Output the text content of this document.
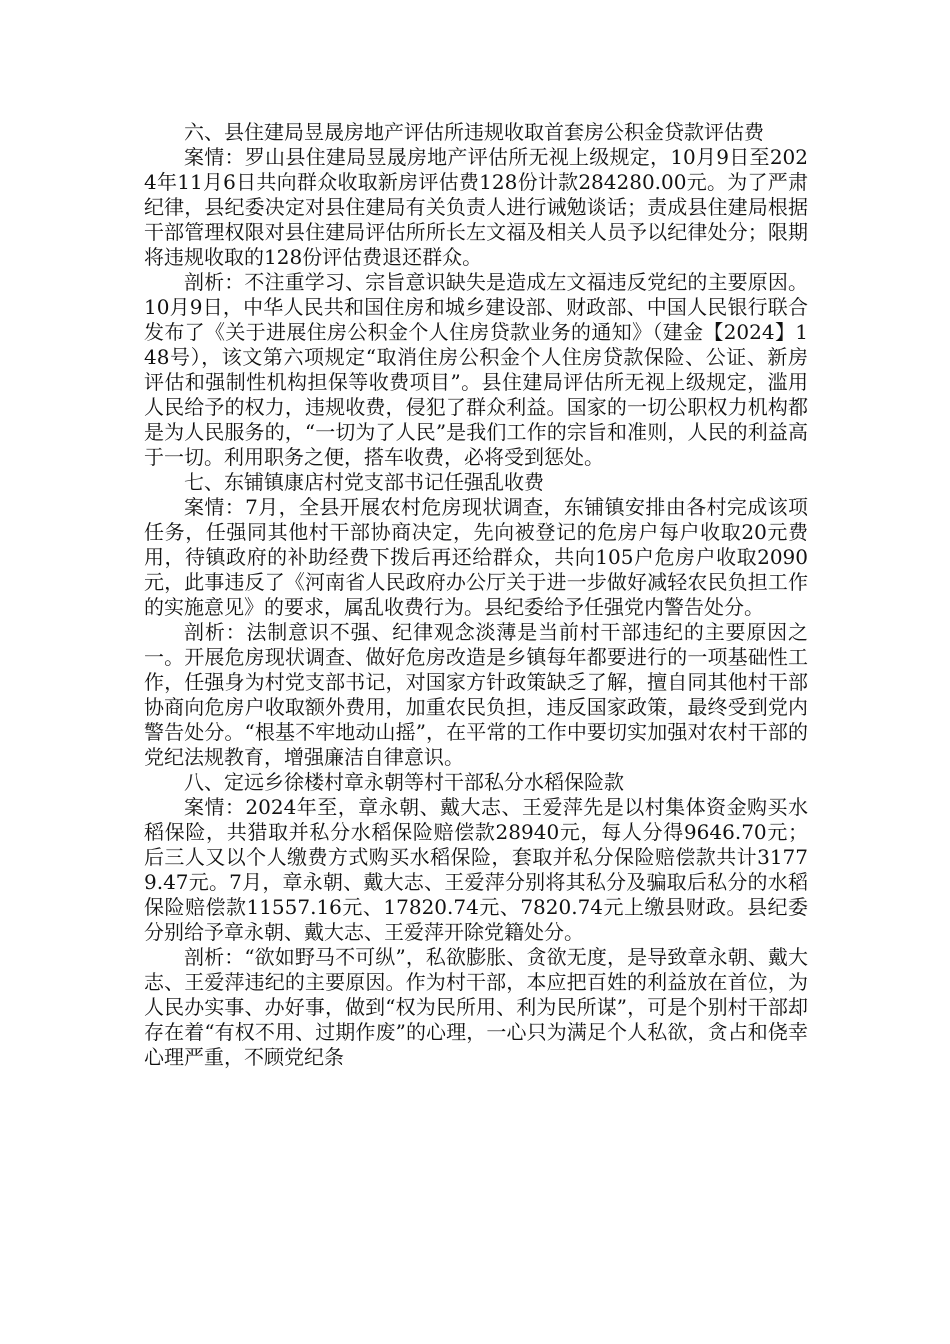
六、县住建局昱晟房地产评估所违规收取首套房公积金贷款评估费

案情：罗山县住建局昱晟房地产评估所无视上级规定，10月9日至2024年11月6日共向群众收取新房评估费128份计款284280.00元。为了严肃纪律，县纪委决定对县住建局有关负责人进行诫勉谈话；责成县住建局根据干部管理权限对县住建局评估所所长左文福及相关人员予以纪律处分；限期将违规收取的128份评估费退还群众。

剖析：不注重学习、宗旨意识缺失是造成左文福违反党纪的主要原因。10月9日，中华人民共和国住房和城乡建设部、财政部、中国人民银行联合发布了《关于进展住房公积金个人住房贷款业务的通知》（建金【2024】148号），该文第六项规定“取消住房公积金个人住房贷款保险、公证、新房评估和强制性机构担保等收费项目”。县住建局评估所无视上级规定，滥用人民给予的权力，违规收费，侵犯了群众利益。国家的一切公职权力机构都是为人民服务的，“一切为了人民”是我们工作的宗旨和准则，人民的利益高于一切。利用职务之便，搭车收费，必将受到惩处。

七、东铺镇康店村党支部书记任强乱收费

案情：7月，全县开展农村危房现状调查，东铺镇安排由各村完成该项任务，任强同其他村干部协商决定，先向被登记的危房户每户收取20元费用，待镇政府的补助经费下拨后再还给群众，共向105户危房户收取2090元，此事违反了《河南省人民政府办公厅关于进一步做好减轻农民负担工作的实施意见》的要求，属乱收费行为。县纪委给予任强党内警告处分。

剖析：法制意识不强、纪律观念淡薄是当前村干部违纪的主要原因之一。开展危房现状调查、做好危房改造是乡镇每年都要进行的一项基础性工作，任强身为村党支部书记，对国家方针政策缺乏了解，擅自同其他村干部协商向危房户收取额外费用，加重农民负担，违反国家政策，最终受到党内警告处分。“根基不牢地动山摇”，在平常的工作中要切实加强对农村干部的党纪法规教育，增强廉洁自律意识。

八、定远乡徐楼村章永朝等村干部私分水稻保险款

案情：2024年至，章永朝、戴大志、王爱萍先是以村集体资金购买水稻保险，共猎取并私分水稻保险赔偿款28940元，每人分得9646.70元；后三人又以个人缴费方式购买水稻保险，套取并私分保险赔偿款共计31779.47元。7月，章永朝、戴大志、王爱萍分别将其私分及骗取后私分的水稻保险赔偿款11557.16元、17820.74元、7820.74元上缴县财政。县纪委分别给予章永朝、戴大志、王爱萍开除党籍处分。

剖析：“欲如野马不可纵”，私欲膨胀、贪欲无度，是导致章永朝、戴大志、王爱萍违纪的主要原因。作为村干部，本应把百姓的利益放在首位，为人民办实事、办好事，做到“权为民所用、利为民所谋”，可是个别村干部却存在着“有权不用、过期作废”的心理，一心只为满足个人私欲，贪占和侥幸心理严重，不顾党纪条
